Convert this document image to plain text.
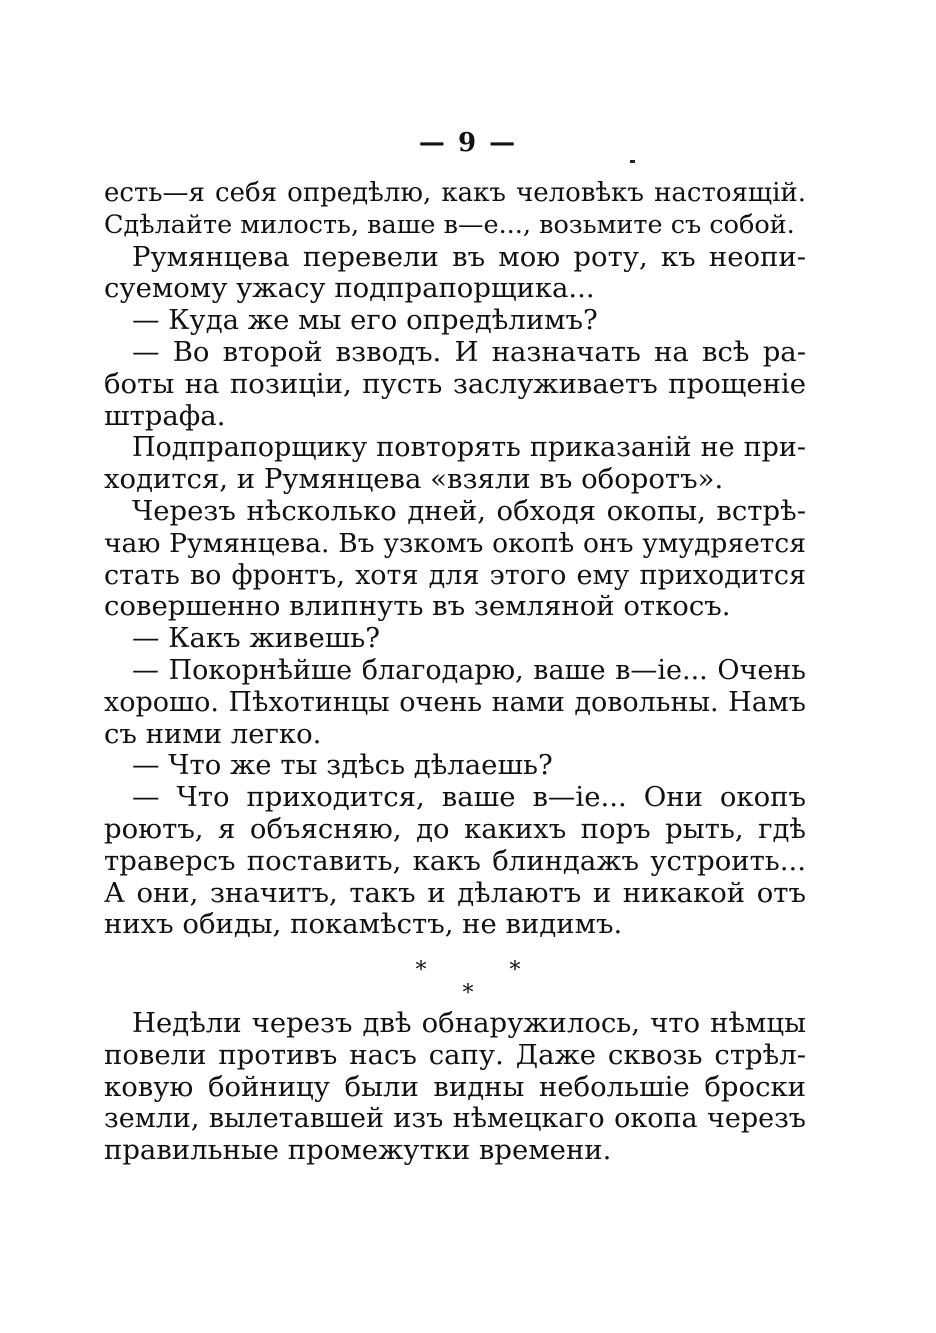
— 9 —
есть—я себя опредѣлю, какъ человѣкъ настоящій.
Сдѣлайте милость, ваше в—е..., возьмите съ собой.
Румянцева перевели въ мою роту, къ неопи-
суемому ужасу подпрапорщика...
— Куда же мы его опредѣлимъ?
— Во второй взводъ. И назначать на всѣ ра-
боты на позиціи, пусть заслуживаетъ прощеніе
штрафа.
Подпрапорщику повторять приказаній не при-
ходится, и Румянцева «взяли въ оборотъ».
Черезъ нѣсколько дней, обходя окопы, встрѣ-
чаю Румянцева. Въ узкомъ окопѣ онъ умудряется
стать во фронтъ, хотя для этого ему приходится
совершенно влипнуть въ земляной откосъ.
— Какъ живешь?
— Покорнѣйше благодарю, ваше в—іе... Очень
хорошо. Пѣхотинцы очень нами довольны. Намъ
съ ними легко.
— Что же ты здѣсь дѣлаешь?
— Что приходится, ваше в—іе... Они окопъ
роютъ, я объясняю, до какихъ поръ рыть, гдѣ
траверсъ поставить, какъ блиндажъ устроить...
А они, значитъ, такъ и дѣлаютъ и никакой отъ
нихъ обиды, покамѣстъ, не видимъ.
* *
*
Недѣли черезъ двѣ обнаружилось, что нѣмцы
повели противъ насъ сапу. Даже сквозь стрѣл-
ковую бойницу были видны небольшіе броски
земли, вылетавшей изъ нѣмецкаго окопа черезъ
правильные промежутки времени.
